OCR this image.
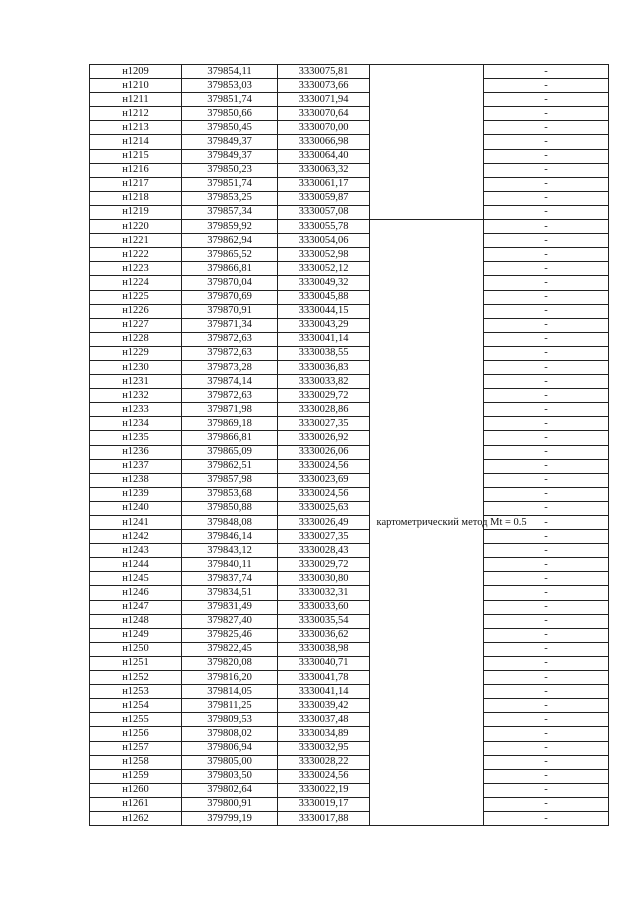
н1209	379854,11	3330075,81		-
н1210	379853,03	3330073,66		-
н1211	379851,74	3330071,94		-
н1212	379850,66	3330070,64		-
н1213	379850,45	3330070,00		-
н1214	379849,37	3330066,98		-
н1215	379849,37	3330064,40		-
н1216	379850,23	3330063,32		-
н1217	379851,74	3330061,17		-
н1218	379853,25	3330059,87		-
н1219	379857,34	3330057,08		-
н1220	379859,92	3330055,78	картометрический метод Mt = 0.5	-
н1221	379862,94	3330054,06		-
н1222	379865,52	3330052,98		-
н1223	379866,81	3330052,12		-
н1224	379870,04	3330049,32		-
н1225	379870,69	3330045,88		-
н1226	379870,91	3330044,15		-
н1227	379871,34	3330043,29		-
н1228	379872,63	3330041,14		-
н1229	379872,63	3330038,55		-
н1230	379873,28	3330036,83		-
н1231	379874,14	3330033,82		-
н1232	379872,63	3330029,72		-
н1233	379871,98	3330028,86		-
н1234	379869,18	3330027,35		-
н1235	379866,81	3330026,92		-
н1236	379865,09	3330026,06		-
н1237	379862,51	3330024,56		-
н1238	379857,98	3330023,69		-
н1239	379853,68	3330024,56		-
н1240	379850,88	3330025,63		-
н1241	379848,08	3330026,49		-
н1242	379846,14	3330027,35		-
н1243	379843,12	3330028,43		-
н1244	379840,11	3330029,72		-
н1245	379837,74	3330030,80		-
н1246	379834,51	3330032,31		-
н1247	379831,49	3330033,60		-
н1248	379827,40	3330035,54		-
н1249	379825,46	3330036,62		-
н1250	379822,45	3330038,98		-
н1251	379820,08	3330040,71		-
н1252	379816,20	3330041,78		-
н1253	379814,05	3330041,14		-
н1254	379811,25	3330039,42		-
н1255	379809,53	3330037,48		-
н1256	379808,02	3330034,89		-
н1257	379806,94	3330032,95		-
н1258	379805,00	3330028,22		-
н1259	379803,50	3330024,56		-
н1260	379802,64	3330022,19		-
н1261	379800,91	3330019,17		-
н1262	379799,19	3330017,88		-
